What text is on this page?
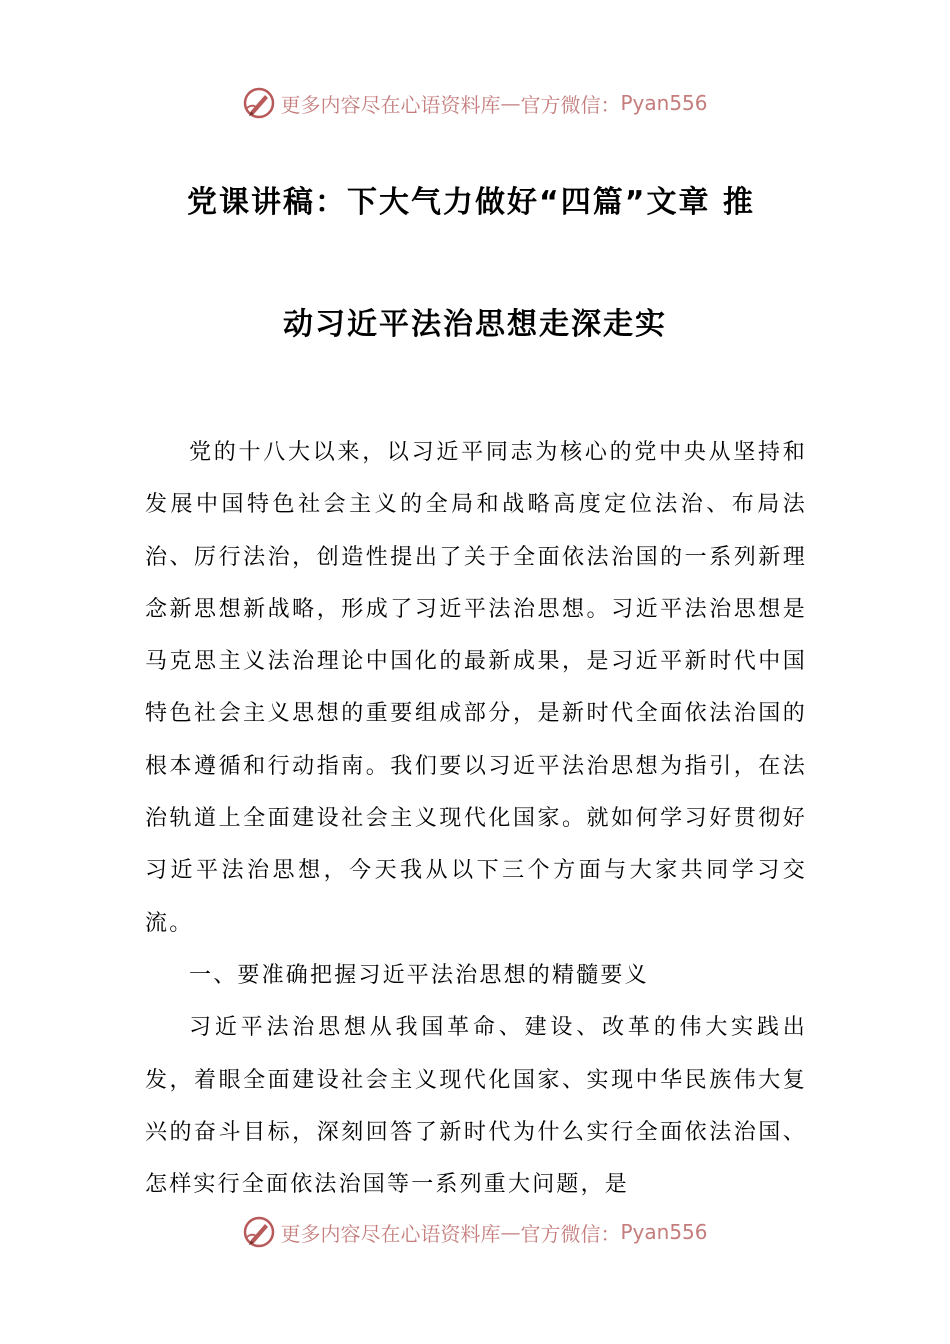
更多内容尽在心语资料库 — 官方微信： Pyan556
党课讲稿：下大气力做好“四篇”文章 推
动习近平法治思想走深走实

党的十八大以来，以习近平同志为核心的党中央从坚持和发展中国特色社会主义的全局和战略高度定位法治、布局法治、厉行法治，创造性提出了关于全面依法治国的一系列新理念新思想新战略，形成了习近平法治思想。习近平法治思想是马克思主义法治理论中国化的最新成果，是习近平新时代中国特色社会主义思想的重要组成部分，是新时代全面依法治国的根本遵循和行动指南。我们要以习近平法治思想为指引，在法治轨道上全面建设社会主义现代化国家。就如何学习好贯彻好习近平法治思想，今天我从以下三个方面与大家共同学习交流。

一、要准确把握习近平法治思想的精髓要义

习近平法治思想从我国革命、建设、改革的伟大实践出发，着眼全面建设社会主义现代化国家、实现中华民族伟大复兴的奋斗目标，深刻回答了新时代为什么实行全面依法治国、怎样实行全面依法治国等一系列重大问题，是

更多内容尽在心语资料库 — 官方微信： Pyan556
